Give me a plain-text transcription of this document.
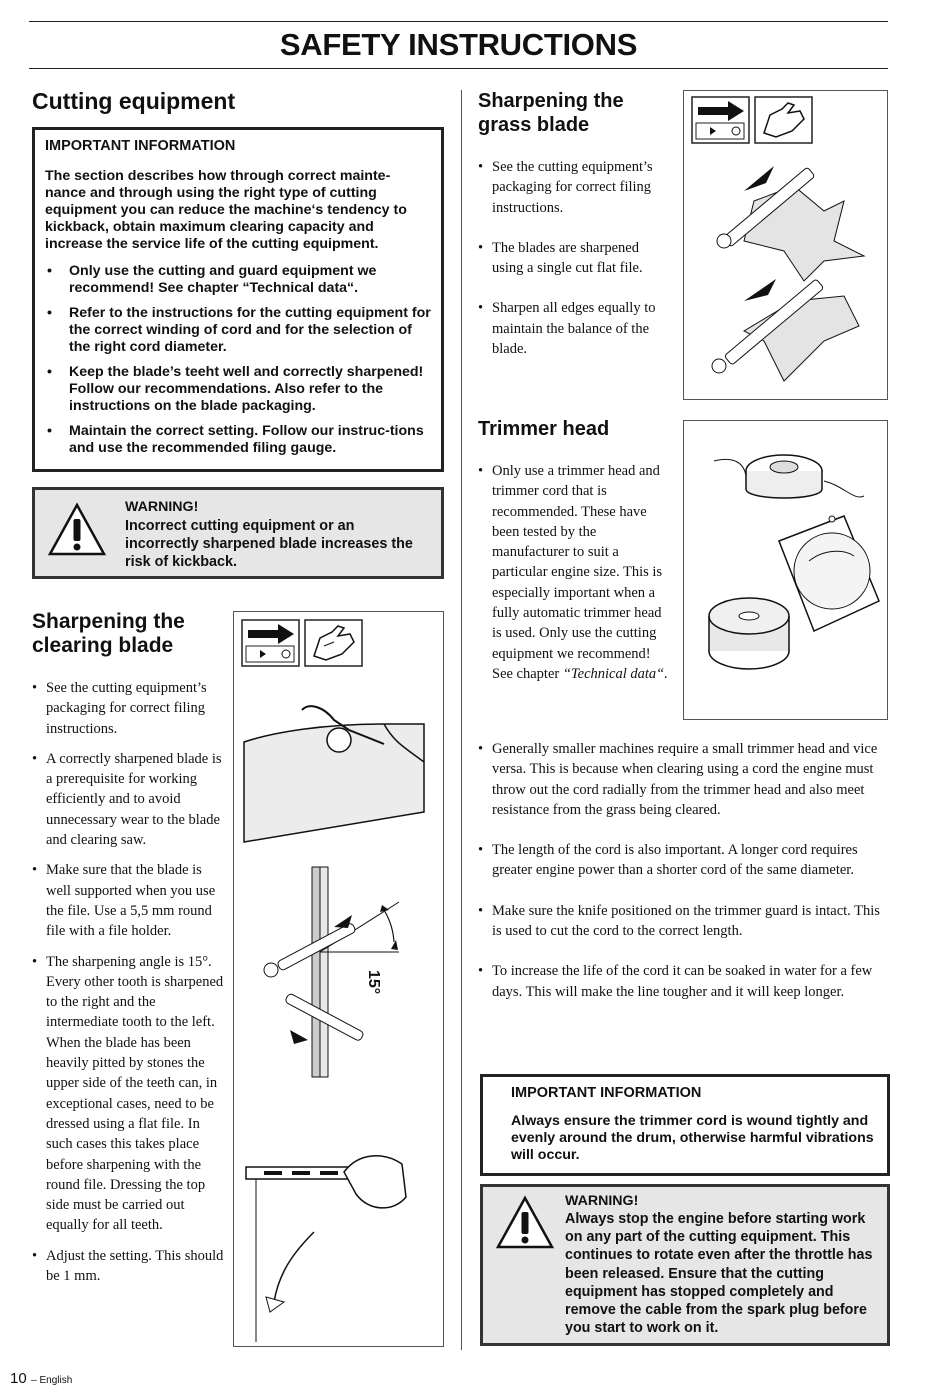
SAFETY INSTRUCTIONS
Cutting equipment
IMPORTANT INFORMATION
The section describes how through correct mainte-nance and through using the right type of cutting equipment you can reduce the machine‘s tendency to kickback, obtain maximum clearing capacity and increase the service life of the cutting equipment.
• Only use the cutting and guard equipment we recommend! See chapter “Technical data“.
• Refer to the instructions for the cutting equipment for the correct winding of cord and for the selection of the right cord diameter.
• Keep the blade’s teeht well and correctly sharpened! Follow our recommendations. Also refer to the instructions on the blade packaging.
• Maintain the correct setting. Follow our instruc-tions and use the recommended filing gauge.
WARNING!
Incorrect cutting equipment or an incorrectly sharpened blade increases the risk of kickback.
Sharpening the
clearing blade
• See the cutting equipment’s packaging for correct filing instructions.
• A correctly sharpened blade is a prerequisite for working efficiently and to avoid unnecessary wear to the blade and clearing saw.
• Make sure that the blade is well supported when you use the file. Use a 5,5 mm round file with a file holder.
• The sharpening angle is 15°. Every other tooth is sharpened to the right and the intermediate tooth to the left. When the blade has been heavily pitted by stones the upper side of the teeth can, in exceptional cases, need to be dressed using a flat file. In such cases this takes place before sharpening with the round file. Dressing the top side must be carried out equally for all teeth.
• Adjust the setting. This should be 1 mm.
15°
Sharpening the
grass blade
• See the cutting equipment’s packaging for correct filing instructions.
• The blades are sharpened using a single cut flat file.
• Sharpen all edges equally to maintain the balance of the blade.
Trimmer head
• Only use a trimmer head and trimmer cord that is recommended. These have been tested by the manufacturer to suit a particular engine size. This is especially important when a fully automatic trimmer head is used. Only use the cutting equipment we recommend! See chapter “Technical data“.
• Generally smaller machines require a small trimmer head and vice versa. This is because when clearing using a cord the engine must throw out the cord radially from the trimmer head and also meet resistance from the grass being cleared.
• The length of the cord is also important. A longer cord requires greater engine power than a shorter cord of the same diameter.
• Make sure the knife positioned on the trimmer guard is intact. This is used to cut the cord to the correct length.
• To increase the life of the cord it can be soaked in water for a few days. This will make the line tougher and it will keep longer.
IMPORTANT INFORMATION
Always ensure the trimmer cord is wound tightly and evenly around the drum, otherwise harmful vibrations will occur.
WARNING!
Always stop the engine before starting work on any part of the cutting equipment. This continues to rotate even after the throttle has been released. Ensure that the cutting equipment has stopped completely and remove the cable from the spark plug before you start to work on it.
10 – English
